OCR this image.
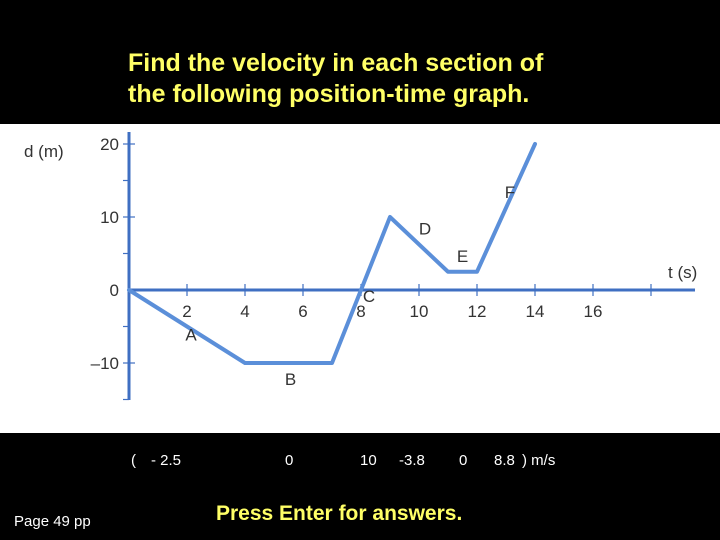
Find the velocity in each section of
the following position-time graph.
20
10
0
–10
2	4	6	8	10 12 14 16
d (m)
t (s)
A
B
C
D
E
F
( - 2.5	0	10 -3.8 0 8.8 ) m/s
Page 49 pp	Press Enter for answers.
